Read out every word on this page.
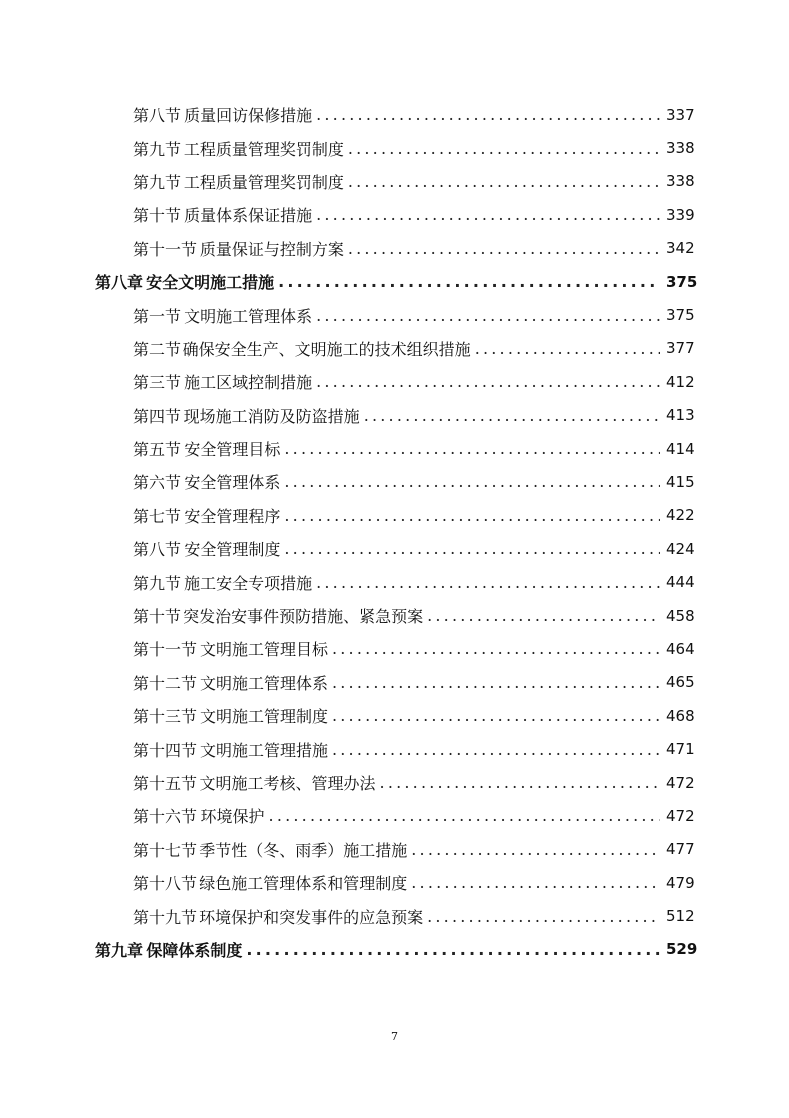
第八节 质量回访保修措施 .....	337
第九节 工程质量管理奖罚制度 .....	338
第九节 工程质量管理奖罚制度 .....	338
第十节 质量体系保证措施 .....	339
第十一节 质量保证与控制方案 .....	342
第八章 安全文明施工措施 .....	375
第一节 文明施工管理体系 .....	375
第二节 确保安全生产、文明施工的技术组织措施 .....	377
第三节 施工区域控制措施 .....	412
第四节 现场施工消防及防盗措施 .....	413
第五节 安全管理目标 .....	414
第六节 安全管理体系 .....	415
第七节 安全管理程序 .....	422
第八节 安全管理制度 .....	424
第九节 施工安全专项措施 .....	444
第十节 突发治安事件预防措施、紧急预案 .....	458
第十一节 文明施工管理目标 .....	464
第十二节 文明施工管理体系 .....	465
第十三节 文明施工管理制度 .....	468
第十四节 文明施工管理措施 .....	471
第十五节 文明施工考核、管理办法 .....	472
第十六节 环境保护 .....	472
第十七节 季节性（冬、雨季）施工措施 .....	477
第十八节 绿色施工管理体系和管理制度 .....	479
第十九节 环境保护和突发事件的应急预案 .....	512
第九章 保障体系制度 .....	529
7
